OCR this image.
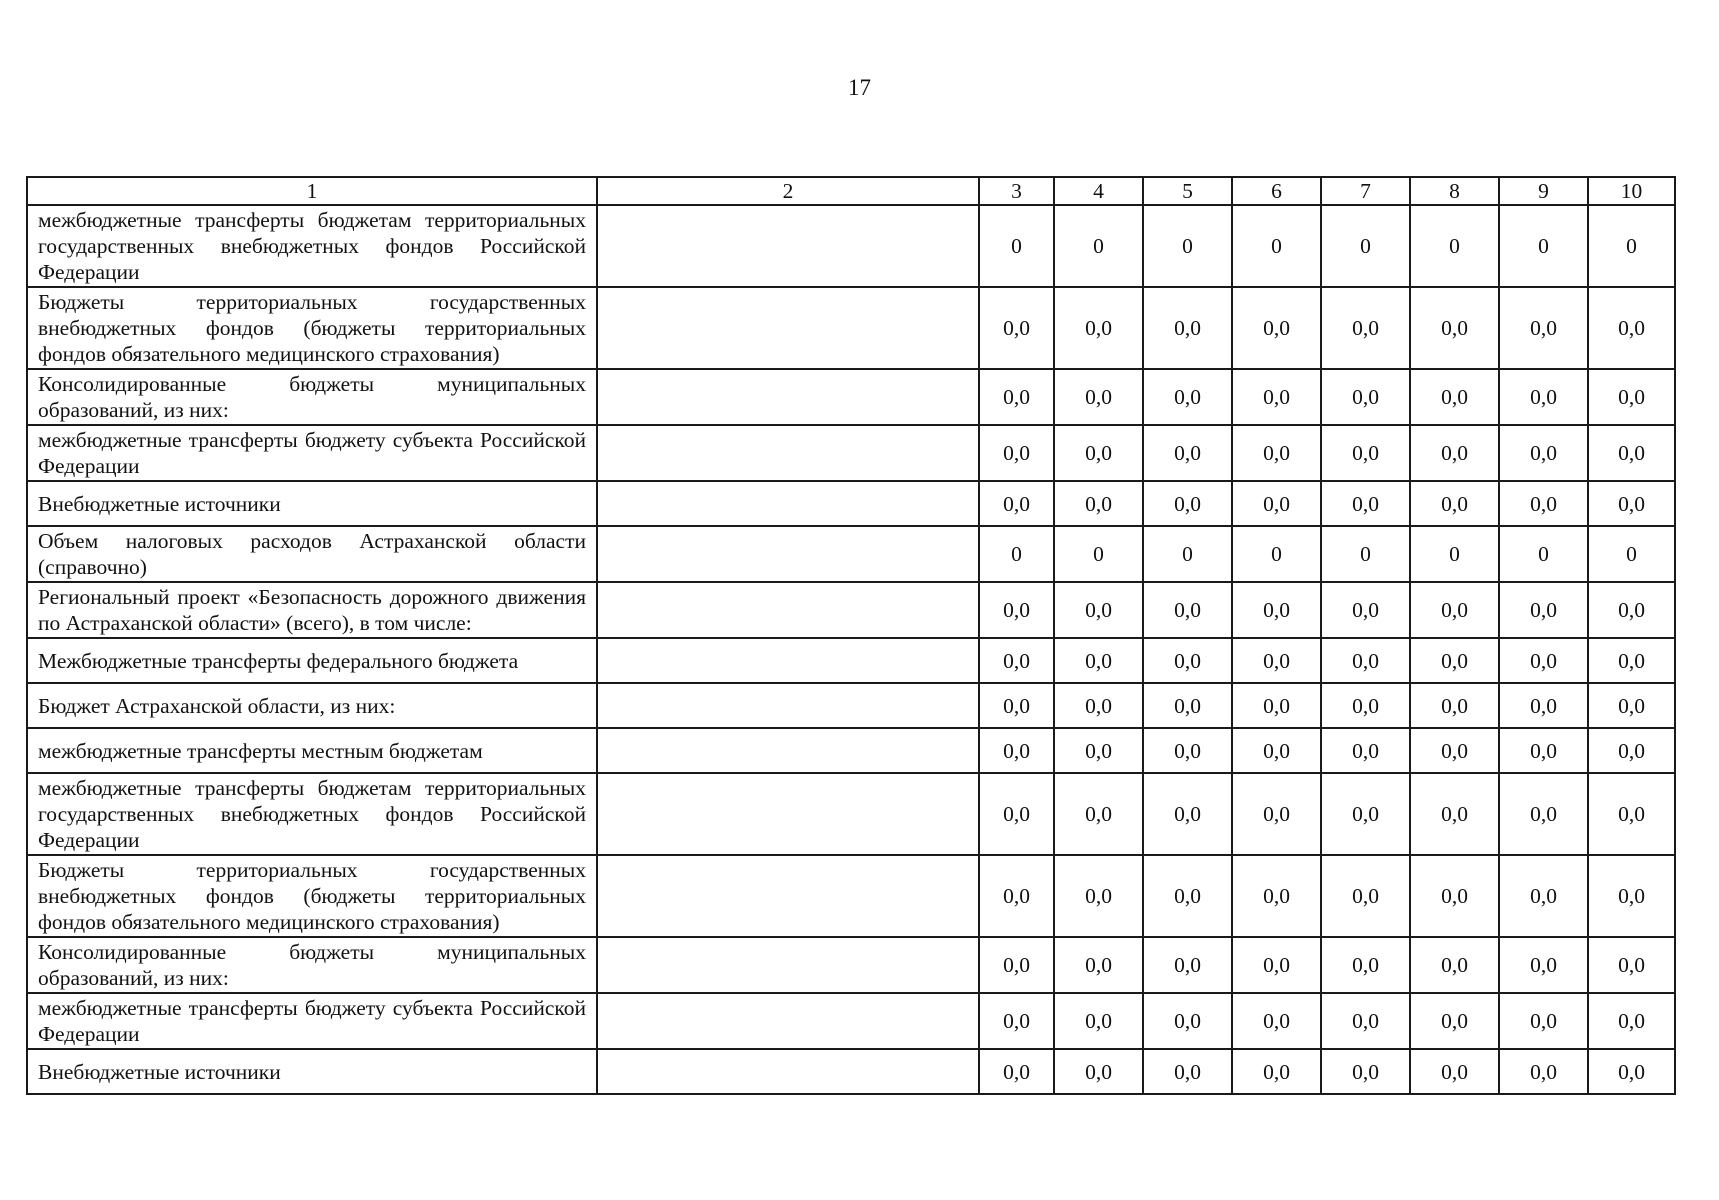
17
1	2	3	4	5	6	7	8	9	10
межбюджетные трансферты бюджетам территориальных государственных внебюджетных фондов Российской Федерации		0	0	0	0	0	0	0	0
Бюджеты территориальных государственных внебюджетных фондов (бюджеты территориальных фондов обязательного медицинского страхования)		0,0	0,0	0,0	0,0	0,0	0,0	0,0	0,0
Консолидированные бюджеты муниципальных образований, из них:		0,0	0,0	0,0	0,0	0,0	0,0	0,0	0,0
межбюджетные трансферты бюджету субъекта Российской Федерации		0,0	0,0	0,0	0,0	0,0	0,0	0,0	0,0
Внебюджетные источники		0,0	0,0	0,0	0,0	0,0	0,0	0,0	0,0
Объем налоговых расходов Астраханской области (справочно)		0	0	0	0	0	0	0	0
Региональный проект «Безопасность дорожного движения по Астраханской области» (всего), в том числе:		0,0	0,0	0,0	0,0	0,0	0,0	0,0	0,0
Межбюджетные трансферты федерального бюджета		0,0	0,0	0,0	0,0	0,0	0,0	0,0	0,0
Бюджет Астраханской области, из них:		0,0	0,0	0,0	0,0	0,0	0,0	0,0	0,0
межбюджетные трансферты местным бюджетам		0,0	0,0	0,0	0,0	0,0	0,0	0,0	0,0
межбюджетные трансферты бюджетам территориальных государственных внебюджетных фондов Российской Федерации		0,0	0,0	0,0	0,0	0,0	0,0	0,0	0,0
Бюджеты территориальных государственных внебюджетных фондов (бюджеты территориальных фондов обязательного медицинского страхования)		0,0	0,0	0,0	0,0	0,0	0,0	0,0	0,0
Консолидированные бюджеты муниципальных образований, из них:		0,0	0,0	0,0	0,0	0,0	0,0	0,0	0,0
межбюджетные трансферты бюджету субъекта Российской Федерации		0,0	0,0	0,0	0,0	0,0	0,0	0,0	0,0
Внебюджетные источники		0,0	0,0	0,0	0,0	0,0	0,0	0,0	0,0
